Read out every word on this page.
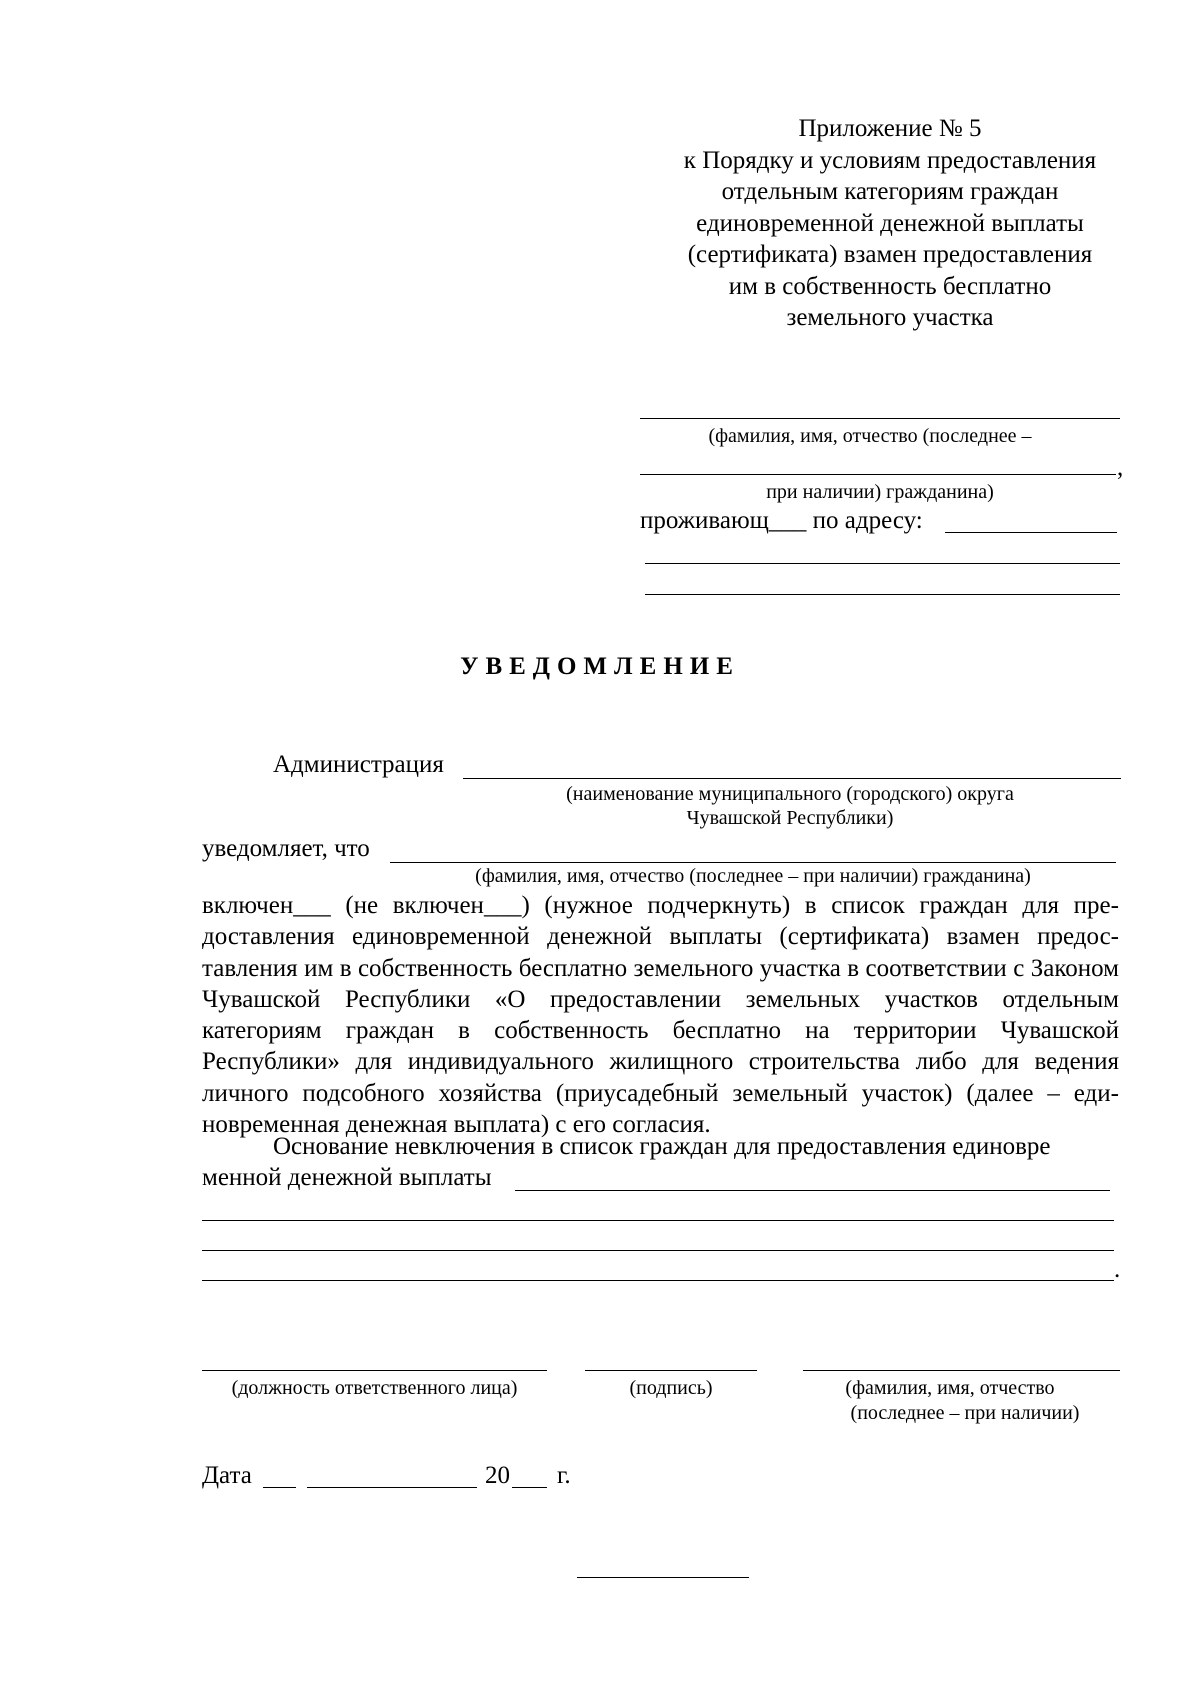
Приложение № 5
к Порядку и условиям предоставления
отдельным категориям граждан
единовременной денежной выплаты
(сертификата) взамен предоставления
им в собственность бесплатно
земельного участка
(фамилия, имя, отчество (последнее –
,
при наличии) гражданина)
проживающ___ по адресу:
УВЕДОМЛЕНИЕ
Администрация
(наименование муниципального (городского) округа
Чувашской Республики)
уведомляет, что
(фамилия, имя, отчество (последнее – при наличии) гражданина)
включен___ (не включен___) (нужное подчеркнуть) в список граждан для предоставления единовременной денежной выплаты (сертификата) взамен предоставления им в собственность бесплатно земельного участка в соответствии с Законом Чувашской Республики «О предоставлении земельных участков отдельным категориям граждан в собственность бесплатно на территории Чувашской Республики» для индивидуального жилищного строительства либо для ведения личного подсобного хозяйства (приусадебный земельный участок) (далее – единовременная денежная выплата) с его согласия.
Основание невключения в список граждан для предоставления единовре
менной денежной выплаты
.
(должность ответственного лица)	(подпись)	(фамилия, имя, отчество
(последнее – при наличии)
Дата	20 г.
